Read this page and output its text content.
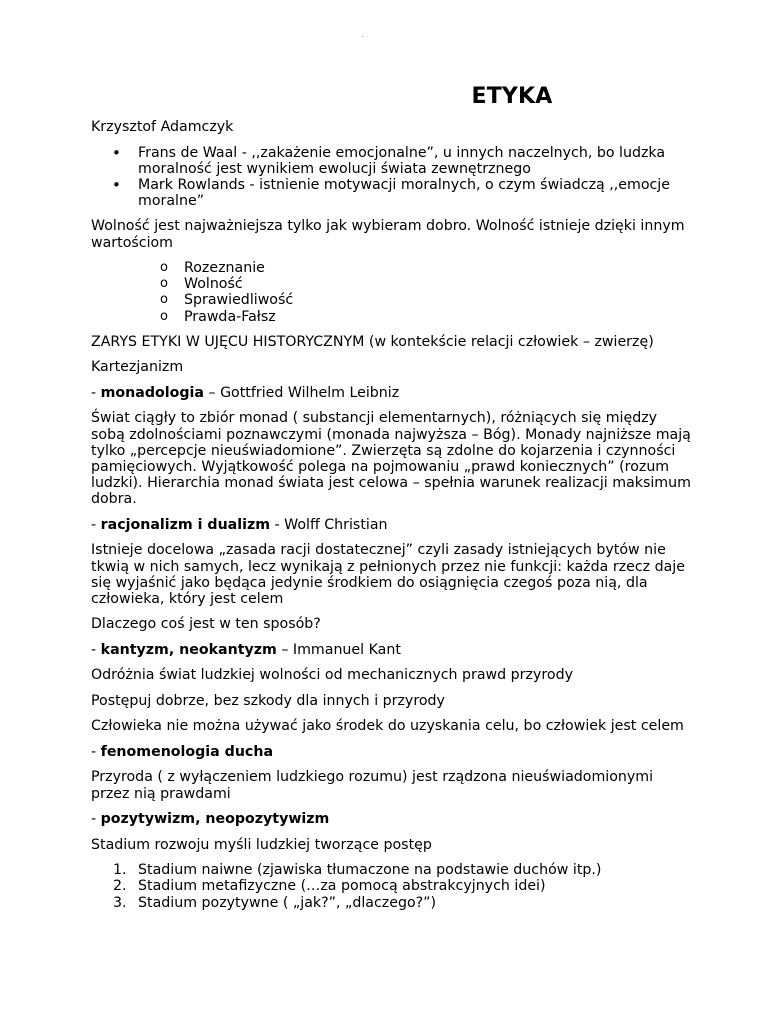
ETYKA

Krzysztof Adamczyk

• Frans de Waal - ,,zakażenie emocjonalne”, u innych naczelnych, bo ludzka moralność jest wynikiem ewolucji świata zewnętrznego
• Mark Rowlands - istnienie motywacji moralnych, o czym świadczą ,,emocje moralne”

Wolność jest najważniejsza tylko jak wybieram dobro. Wolność istnieje dzięki innym wartościom

o Rozeznanie
o Wolność
o Sprawiedliwość
o Prawda-Fałsz

ZARYS ETYKI W UJĘCU HISTORYCZNYM (w kontekście relacji człowiek – zwierzę)

Kartezjanizm

- monadologia – Gottfried Wilhelm Leibniz

Świat ciągły to zbiór monad ( substancji elementarnych), różniących się między sobą zdolnościami poznawczymi (monada najwyższa – Bóg). Monady najniższe mają tylko „percepcje nieuświadomione”. Zwierzęta są zdolne do kojarzenia i czynności pamięciowych. Wyjątkowość polega na pojmowaniu „prawd koniecznych” (rozum ludzki). Hierarchia monad świata jest celowa – spełnia warunek realizacji maksimum dobra.

- racjonalizm i dualizm - Wolff Christian

Istnieje docelowa „zasada racji dostatecznej” czyli zasady istniejących bytów nie tkwią w nich samych, lecz wynikają z pełnionych przez nie funkcji: każda rzecz daje się wyjaśnić jako będąca jedynie środkiem do osiągnięcia czegoś poza nią, dla człowieka, który jest celem

Dlaczego coś jest w ten sposób?

- kantyzm, neokantyzm – Immanuel Kant

Odróżnia świat ludzkiej wolności od mechanicznych prawd przyrody

Postępuj dobrze, bez szkody dla innych i przyrody

Człowieka nie można używać jako środek do uzyskania celu, bo człowiek jest celem

- fenomenologia ducha

Przyroda ( z wyłączeniem ludzkiego rozumu) jest rządzona nieuświadomionymi przez nią prawdami

- pozytywizm, neopozytywizm

Stadium rozwoju myśli ludzkiej tworzące postęp

1. Stadium naiwne (zjawiska tłumaczone na podstawie duchów itp.)
2. Stadium metafizyczne (…za pomocą abstrakcyjnych idei)
3. Stadium pozytywne ( „jak?”, „dlaczego?”)
